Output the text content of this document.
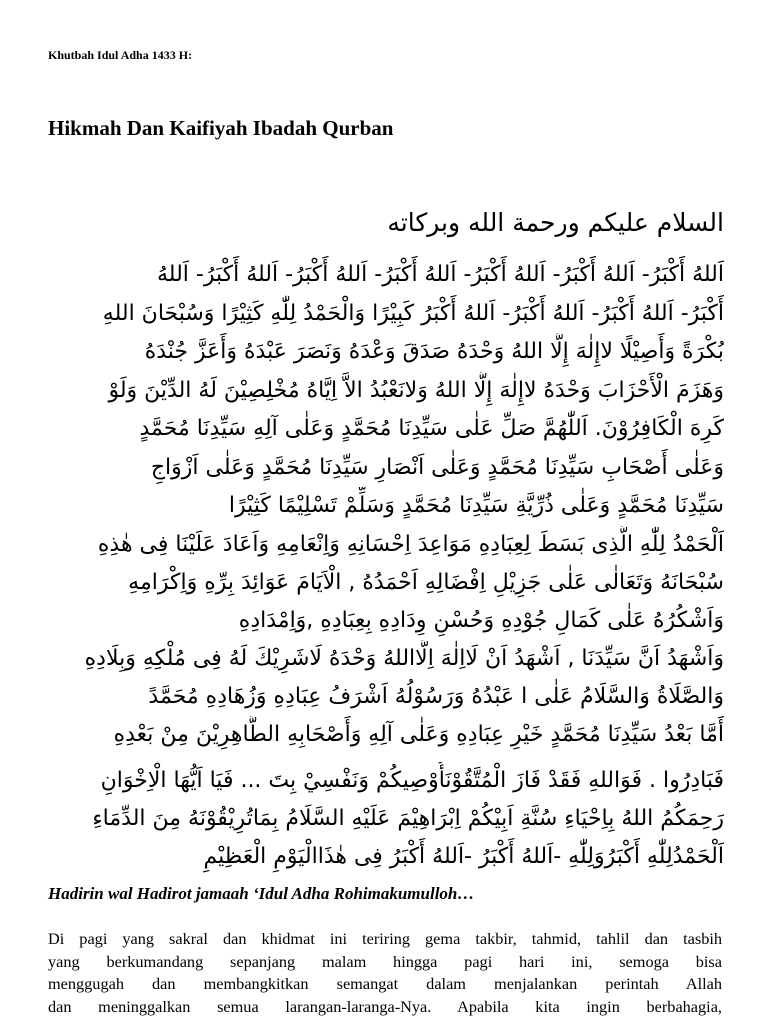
Khutbah Idul Adha 1433 H:
Hikmah Dan Kaifiyah Ibadah Qurban

السلام عليكم ورحمة الله وبركاته

اَللهُ أَكْبَرُ- اَللهُ أَكْبَرُ- اَللهُ أَكْبَرُ- اَللهُ أَكْبَرُ- اَللهُ أَكْبَرُ- اَللهُ أَكْبَرُ- اَللهُ

أَكْبَرُ- اَللهُ أَكْبَرُ- اَللهُ أَكْبَرُ- اَللهُ أَكْبَرُ كَبِيْرًا وَالْحَمْدُ لِلّٰهِ كَثِيْرًا وَسُبْحَانَ اللهِ

بُكْرَةً وَأَصِيْلًا لاإِلٰهَ إِلَّا اللهُ وَحْدَهُ صَدَقَ وَعْدَهُ وَنَصَرَ عَبْدَهُ وَأَعَزَّ جُنْدَهُ

وَهَزَمَ الْأَحْزَابَ وَحْدَهُ لاإِلٰهَ إِلَّا اللهُ وَلانَعْبُدُ الاَّ اِيَّاهُ مُخْلِصِيْنَ لَهُ الدِّيْنَ وَلَوْ

كَرِهَ الْكَافِرُوْنَ. اَللّٰهُمَّ صَلِّ عَلٰى سَيِّدِنَا مُحَمَّدٍ وَعَلٰى آلِهِ سَيِّدِنَا مُحَمَّدٍ

وَعَلٰى أَصْحَابِ سَيِّدِنَا مُحَمَّدٍ وَعَلٰى اَنْصَارِ سَيِّدِنَا مُحَمَّدٍ وَعَلٰى اَزْوَاجِ

سَيِّدِنَا مُحَمَّدٍ وَعَلٰى ذُرِّيَّةِ سَيِّدِنَا مُحَمَّدٍ وَسَلِّمْ تَسْلِيْمًا كَثِيْرًا

اَلْحَمْدُ لِلّٰهِ الَّذِى بَسَطَ لِعِبَادِهِ مَوَاعِدَ اِحْسَانِهِ وَاِنْعَامِهِ وَاَعَادَ عَلَيْنَا فِى هٰذِهِ

سُبْحَانَهُ وَتَعَالٰى عَلٰى جَزِيْلِ اِفْضَالِهِ اَحْمَدُهُ , الْاَيَامَ عَوَائِدَ بِرِّهِ وَاِكْرَامِهِ

وَاَشْكُرُهُ عَلٰى كَمَالِ جُوْدِهِ وَحُسْنِ وِدَادِهِ بِعِبَادِهِ ,وَاِمْدَادِهِ

وَاَشْهَدُ اَنَّ سَيِّدَنَا , اَشْهَدُ اَنْ لَااِلٰهَ اِلَّااللهُ وَحْدَهُ لَاشَرِيْكَ لَهُ فِى مُلْكِهِ وَبِلَادِهِ

وَالصَّلَاةُ وَالسَّلَامُ عَلٰى ا عَبْدُهُ وَرَسُوْلُهُ اَشْرَفُ عِبَادِهِ وَزُهَادِهِ مُحَمَّدً

أَمَّا بَعْدُ سَيِّدِنَا مُحَمَّدٍ خَيْرِ عِبَادِهِ وَعَلٰى آلِهِ وَأَصْحَابِهِ الطَّاهِرِيْنَ مِنْ بَعْدِهِ

فَبَادِرُوا . فَوَاللهِ فَقَدْ فَازَ الْمُتَّقُوْنَأُوْصِيكُمْ وَنَفْسِيْ بِتَ ... فَيَا اَيُّهَا الْاِخْوَانِ

رَحِمَكُمُ اللهُ بِاِحْيَاءِ سُنَّةِ اَبِيْكُمْ اِبْرَاهِيْمَ عَلَيْهِ السَّلَامُ بِمَاتُرِيْقُوْنَهُ مِنَ الدِّمَاءِ

اَلْحَمْدُلِلّٰهِ أَكْبَرُوَلِلّٰهِ -اَللهُ أَكْبَرُ -اَللهُ أَكْبَرُ فِى هٰذَاالْيَوْمِ الْعَظِيْمِ

Hadirin wal Hadirot jamaah ‘Idul Adha Rohimakumulloh…
Di pagi yang sakral dan khidmat ini teriring gema takbir, tahmid, tahlil dan tasbih
yang berkumandang sepanjang malam hingga pagi hari ini, semoga bisa
menggugah dan membangkitkan semangat dalam menjalankan perintah Allah
dan meninggalkan semua larangan-laranga-Nya. Apabila kita ingin berbahagia,
